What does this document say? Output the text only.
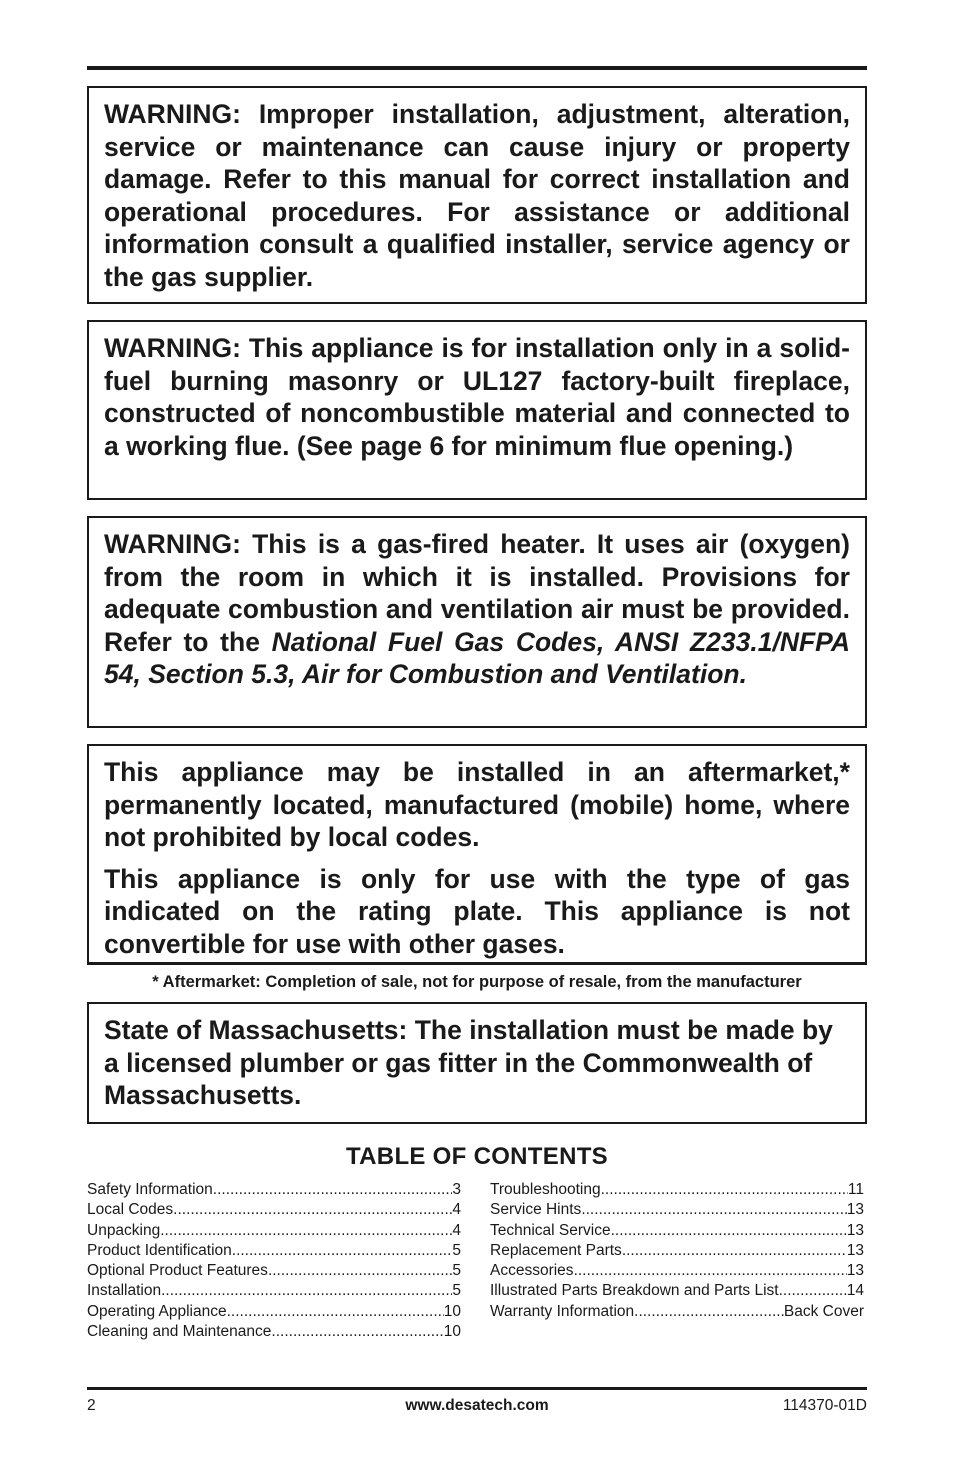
WARNING: Improper installation, adjustment, alteration, service or maintenance can cause injury or property damage. Refer to this manual for correct installation and operational procedures. For assistance or additional information consult a qualified installer, service agency or the gas supplier.

WARNING: This appliance is for installation only in a solid-fuel burning masonry or UL127 factory-built fireplace, constructed of noncombustible material and connected to a working flue. (See page 6 for minimum flue opening.)

WARNING: This is a gas-fired heater. It uses air (oxygen) from the room in which it is installed. Provisions for adequate combustion and ventilation air must be provided. Refer to the National Fuel Gas Codes, ANSI Z233.1/NFPA 54, Section 5.3, Air for Combustion and Ventilation.

This appliance may be installed in an aftermarket,* permanently located, manufactured (mobile) home, where not prohibited by local codes.

This appliance is only for use with the type of gas indicated on the rating plate. This appliance is not convertible for use with other gases.

* Aftermarket: Completion of sale, not for purpose of resale, from the manufacturer

State of Massachusetts: The installation must be made by a licensed plumber or gas fitter in the Commonwealth of Massachusetts.

TABLE OF CONTENTS
Safety Information .....	3
Local Codes .....	4
Unpacking .....	4
Product Identification .....	5
Optional Product Features .....	5
Installation .....	5
Operating Appliance .....	10
Cleaning and Maintenance .....	10
Troubleshooting .....	11
Service Hints .....	13
Technical Service .....	13
Replacement Parts .....	13
Accessories .....	13
Illustrated Parts Breakdown and Parts List .....	14
Warranty Information .....	Back Cover
2	www.desatech.com	114370-01D
